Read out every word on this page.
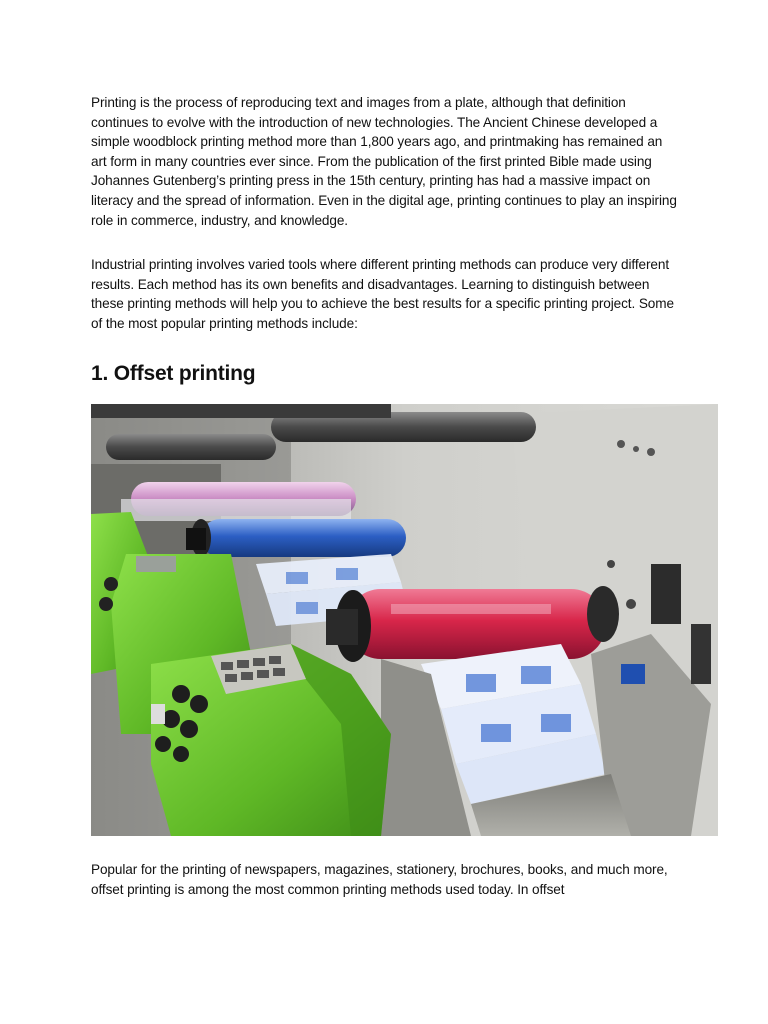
Printing is the process of reproducing text and images from a plate, although that definition continues to evolve with the introduction of new technologies. The Ancient Chinese developed a simple woodblock printing method more than 1,800 years ago, and printmaking has remained an art form in many countries ever since. From the publication of the first printed Bible made using Johannes Gutenberg’s printing press in the 15th century, printing has had a massive impact on literacy and the spread of information. Even in the digital age, printing continues to play an inspiring role in commerce, industry, and knowledge.

Industrial printing involves varied tools where different printing methods can produce very different results. Each method has its own benefits and disadvantages. Learning to distinguish between these printing methods will help you to achieve the best results for a specific printing project. Some of the most popular printing methods include:

1. Offset printing

Popular for the printing of newspapers, magazines, stationery, brochures, books, and much more, offset printing is among the most common printing methods used today. In offset
